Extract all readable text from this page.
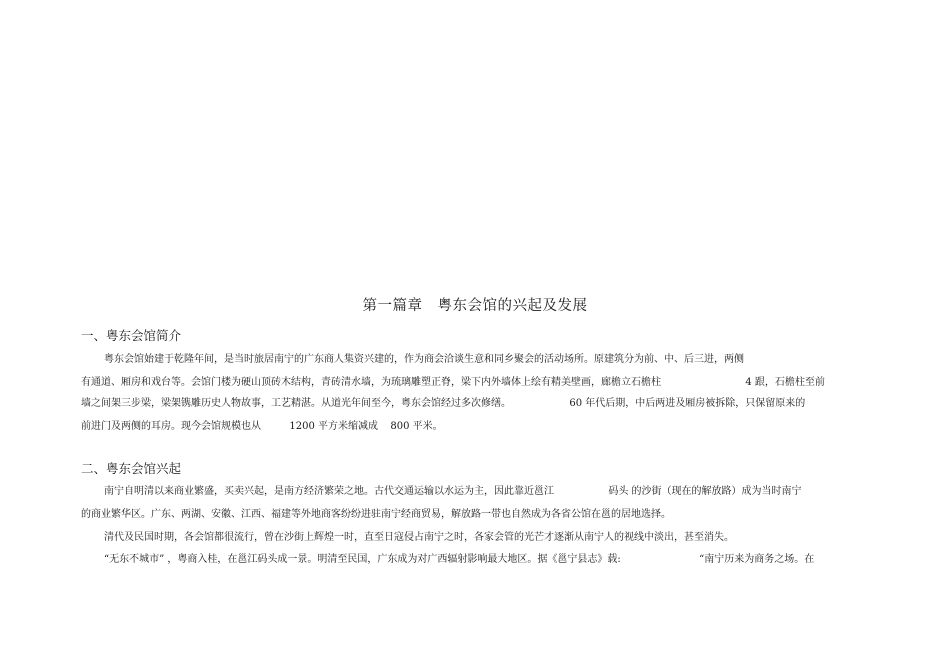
第一篇章　粤东会馆的兴起及发展
一、粤东会馆简介
粤东会馆始建于乾隆年间，是当时旅居南宁的广东商人集资兴建的，作为商会洽谈生意和同乡聚会的活动场所。原建筑分为前、中、后三进，两侧
有通道、厢房和戏台等。会馆门楼为硬山顶砖木结构，青砖清水墙，为琉璃雕塑正脊，梁下内外墙体上绘有精美壁画，廊檐立石檐柱	4 跟，石檐柱至前
墙之间架三步梁，梁架镌雕历史人物故事，工艺精湛。从道光年间至今，粤东会馆经过多次修缮。	60 年代后期，中后两进及厢房被拆除，只保留原来的
前进门及两侧的耳房。现今会馆规模也从	1200 平方米缩减成 800 平米。
二、粤东会馆兴起
南宁自明清以来商业繁盛，买卖兴起，是南方经济繁荣之地。古代交通运输以水运为主，因此靠近邕江	码头 的沙街（现在的解放路）成为当时南宁
的商业繁华区。广东、两湖、安徽、江西、福建等外地商客纷纷进驻南宁经商贸易，解放路一带也自然成为各省公馆在邕的居地选择。
清代及民国时期，各会馆都很流行，曾在沙街上辉煌一时，直至日寇侵占南宁之时，各家会管的光芒才逐渐从南宁人的视线中淡出，甚至消失。
“无东不城市” ，粤商入桂，在邕江码头成一景。明清至民国，广东成为对广西辐射影响最大地区。据《邕宁县志》载:	“南宁历来为商务之场。在
